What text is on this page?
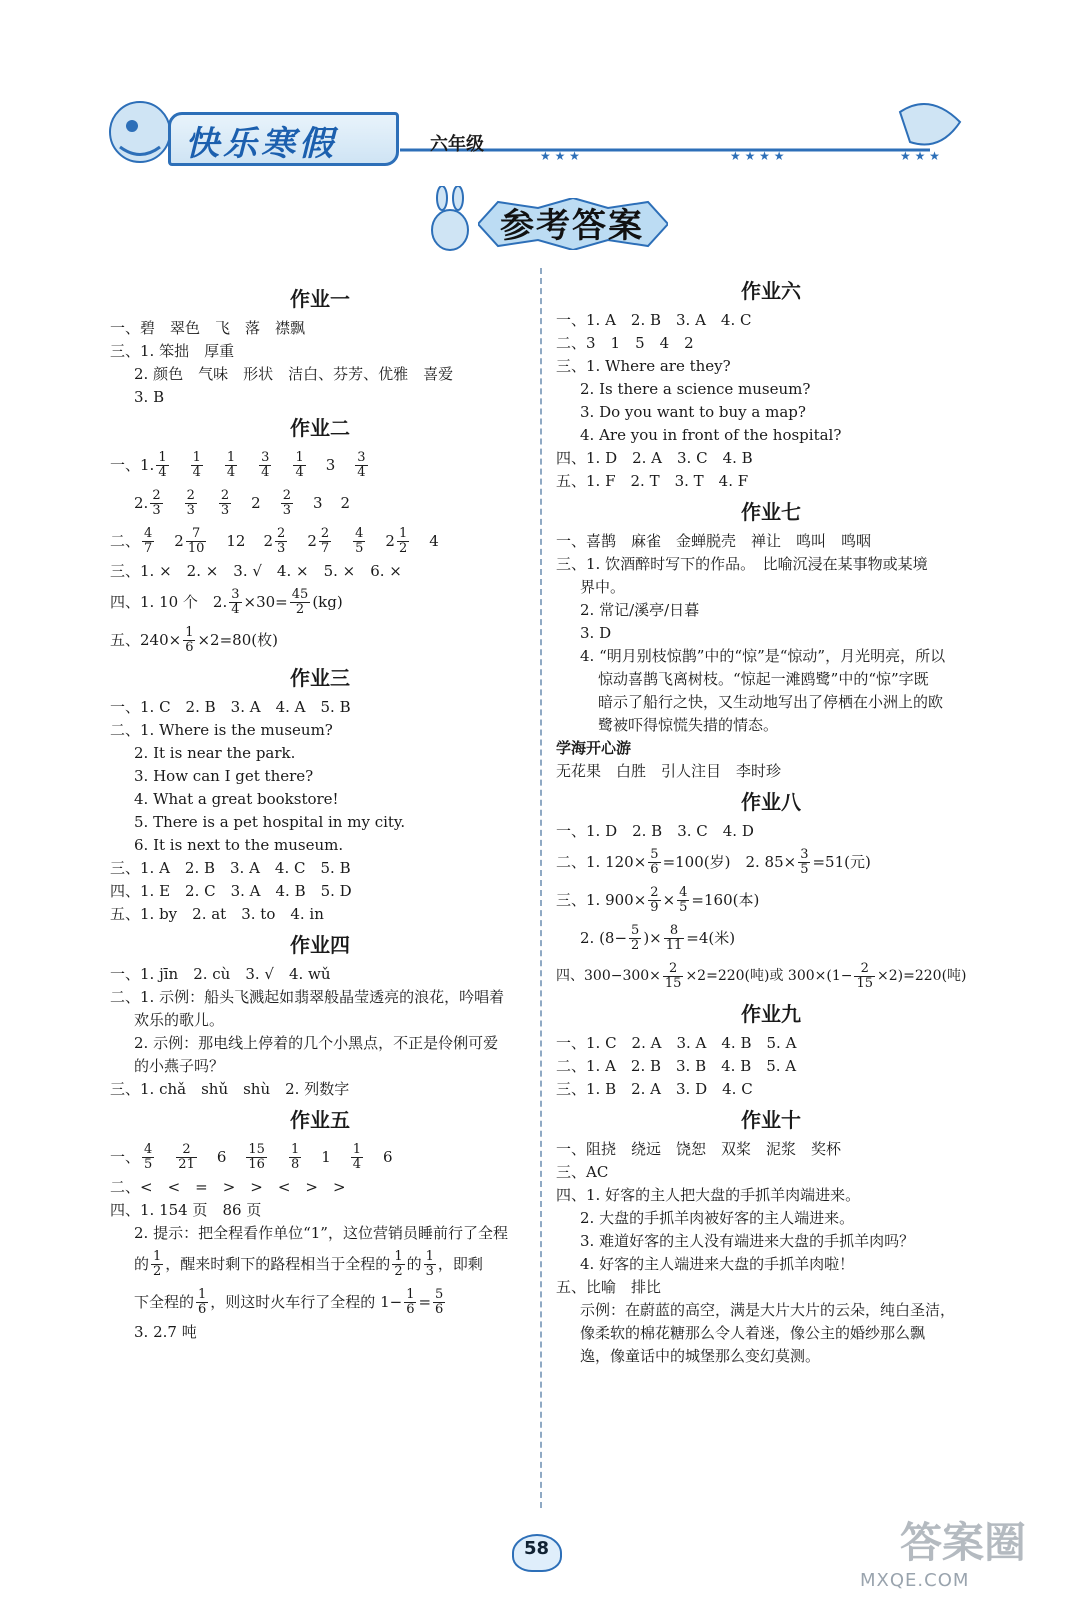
★ ★ ★	★ ★ ★ ★	★ ★ ★
快乐寒假	六年级
参考答案
作业一
一、碧　翠色　飞　落　襟飘
三、1. 笨拙　厚重
2. 颜色　气味　形状　洁白、芬芳、优雅　喜爱
3. B
作业二
一、1. $\frac{1}{4} \frac{1}{4} \frac{1}{4} \frac{3}{4} \frac{1}{4} 3 \frac{3}{4}$
2. $\frac{2}{3} \frac{2}{3} \frac{2}{3} 2 \frac{2}{3} 3$ 2
二、 $\frac{4}{7} 2 \frac{7}{10} 12$ $2 \frac{2}{3} 2 \frac{2}{7} \frac{4}{5} 2 \frac{1}{2} 4$
三、1. ×　2. ×　3. √　4. ×　5. ×　6. ×
四、1. 10 个　2. $\frac{3}{4} \times 30= \frac{45}{2} (kg)$
五、$240\times \frac{1}{6} \times 2=80$(枚)
作业三
一、1. C　2. B　3. A　4. A　5. B
二、1. Where is the museum?
2. It is near the park.
3. How can I get there?
4. What a great bookstore!
5. There is a pet hospital in my city.
6. It is next to the museum.
三、1. A　2. B　3. A　4. C　5. B
四、1. E　2. C　3. A　4. B　5. D
五、1. by　2. at　3. to　4. in
作业四
一、1. jīn　2. cù　3. √　4. wǔ
二、1. 示例：船头飞溅起如翡翠般晶莹透亮的浪花，吟唱着
欢乐的歌儿。
2. 示例：那电线上停着的几个小黑点，不正是伶俐可爱
的小燕子吗？
三、1. chǎ　shǔ　shù　2. 列数字
作业五
一、 $\frac{4}{5} \frac{2}{21} 6 \frac{15}{16} \frac{1}{8} 1 \frac{1}{4} 6$
二、<　<　=　>　>　<　>　>
四、1. 154 页　86 页
2. 提示：把全程看作单位“1”，这位营销员睡前行了全程
的 $\frac{1}{2}$ ，醒来时剩下的路程相当于全程的 $\frac{1}{2}$ 的 $\frac{1}{3}$ ，即剩
下全程的 $\frac{1}{6}$ ，则这时火车行了全程的 $1- \frac{1}{6} = \frac{5}{6}$
3. 2.7 吨
作业六
一、1. A　2. B　3. A　4. C
二、3　1　5　4　2
三、1. Where are they?
2. Is there a science museum?
3. Do you want to buy a map?
4. Are you in front of the hospital?
四、1. D　2. A　3. C　4. B
五、1. F　2. T　3. T　4. F
作业七
一、喜鹊　麻雀　金蝉脱壳　禅让　鸣叫　鸣咽
三、1. 饮酒醉时写下的作品。　比喻沉浸在某事物或某境
界中。
2. 常记/溪亭/日暮
3. D
4. “明月别枝惊鹊”中的“惊”是“惊动”，月光明亮，所以
惊动喜鹊飞离树枝。“惊起一滩鸥鹭”中的“惊”字既
暗示了船行之快，又生动地写出了停栖在小洲上的欧
鹭被吓得惊慌失措的情态。
学海开心游
无花果　白胜　引人注目　李时珍
作业八
一、1. D　2. B　3. C　4. D
二、1. $120\times \frac{5}{6} =100$(岁)　2. $85\times \frac{3}{5} =51$(元)
三、1. $900\times \frac{2}{9} \times \frac{4}{5} =160$(本)
2. ($8- \frac{5}{2}$ )× $\frac{8}{11} =4$(米)
四、$300-300\times \frac{2}{15} \times 2=220$(吨)或 $300\times(1- \frac{2}{15} \times 2)=220$(吨)
作业九
一、1. C　2. A　3. A　4. B　5. A
二、1. A　2. B　3. B　4. B　5. A
三、1. B　2. A　3. D　4. C
作业十
一、阻挠　绕远　饶恕　双桨　泥浆　奖杯
三、AC
四、1. 好客的主人把大盘的手抓羊肉端进来。
2. 大盘的手抓羊肉被好客的主人端进来。
3. 难道好客的主人没有端进来大盘的手抓羊肉吗？
4. 好客的主人端进来大盘的手抓羊肉啦！
五、比喻　排比
示例：在蔚蓝的高空，满是大片大片的云朵，纯白圣洁，
像柔软的棉花糖那么令人着迷，像公主的婚纱那么飘
逸，像童话中的城堡那么变幻莫测。
58	答案圈
MXQE.COM
